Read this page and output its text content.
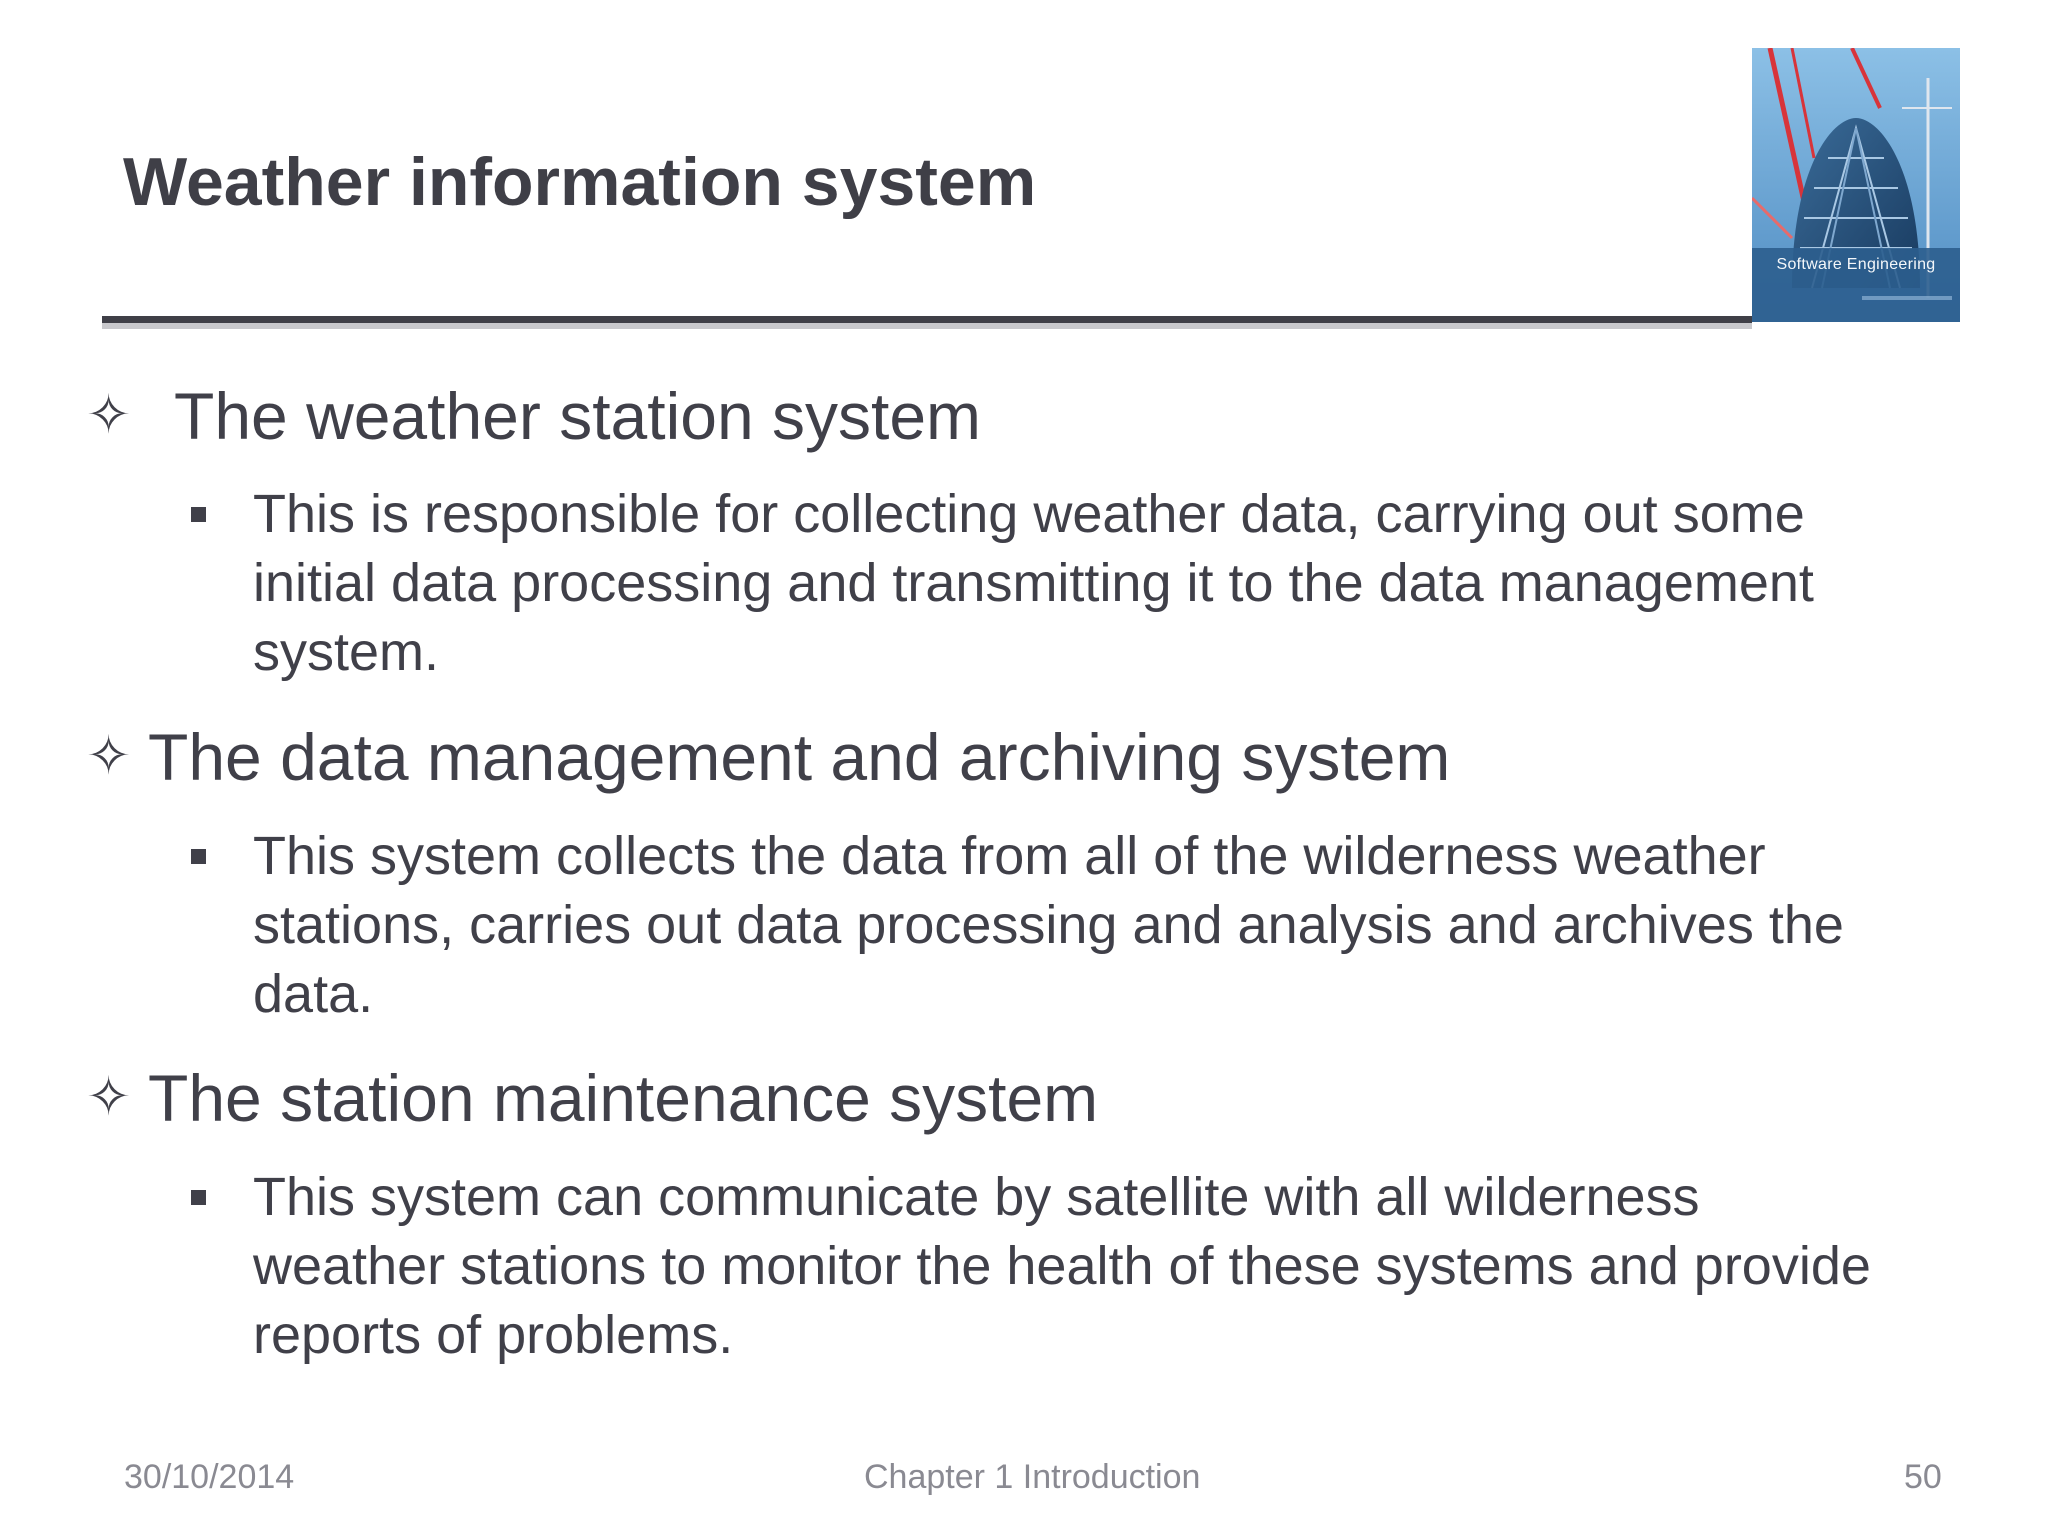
Weather information system
Software Engineering
✧ The weather station system
This is responsible for collecting weather data, carrying out some
initial data processing and transmitting it to the data management
system.
✧ The data management and archiving system
This system collects the data from all of the wilderness weather
stations, carries out data processing and analysis and archives the
data.
✧ The station maintenance system
This system can communicate by satellite with all wilderness
weather stations to monitor the health of these systems and provide
reports of problems.
30/10/2014	Chapter 1 Introduction	50
